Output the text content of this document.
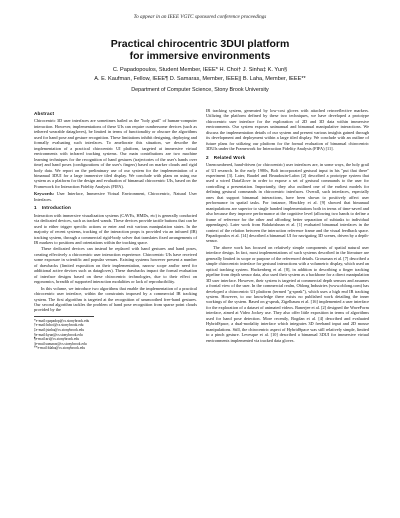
To appear in an IEEE VGTC sponsored conference proceedings
Practical chirocentric 3DUI platform
for immersive environments
C. Papadopoulos, Student Member, IEEE* H. Choi† J. Sinha‡ K. Yun§
A. E. Kaufman, Fellow, IEEE¶ D. Samaras, Member, IEEE|| B. Laha, Member, IEEE**
Department of Computer Science, Stony Brook University
Abstract

Chirocentric 3D user interfaces are sometimes hailed as the "holy grail" of human-computer interaction. However, implementations of these UIs can require cumbersome devices (such as tethered wearable datagloves), be limited in terms of functionality or obscure the algorithms used for hand pose and gesture recognition. These limitations inhibit designing, deploying and formally evaluating such interfaces. To ameliorate this situation, we describe the implementation of a practical chirocentric UI platform, targeted at immersive virtual environments with infrared tracking systems. Our main contributions are two machine learning techniques for the recognition of hand gestures (trajectories of the user's hands over time) and hand poses (configurations of the user's fingers) based on marker clouds and rigid body data. We report on the preliminary use of our system for the implementation of a bimanual 3DUI for a large immersive tiled display. We conclude with plans on using our system as a platform for the design and evaluation of bimanual chirocentric UIs, based on the Framework for Interaction Fidelity Analysis (FIFA).

Keywords: User Interface, Immersive Virtual Environment, Chirocentric, Natural User Interfaces.

1 Introduction

Interaction with immersive visualization systems (CAVEs, HMDs, etc) is generally conducted via dedicated devices, such as tracked wands. These devices provide tactile buttons that can be used to either trigger specific actions or enter and exit various manipulation states. In the majority of recent systems, tracking of the interaction props is provided via an infrared (IR) tracking system, through a commercial rigid-body solver that translates fixed arrangements of IR markers to positions and orientations within the tracking space.

These dedicated devices can instead be replaced with hand gestures and hand poses, creating effectively a chirocentric user interaction experience. Chirocentric UIs have received some exposure in scientific and popular venues. Existing systems however present a number of drawbacks (limited exposition on their implementation, narrow scope and/or need for additional active devices such as datagloves). These drawbacks impact the formal evaluation of interface designs based on these chirocentric technologies, due to their effect on ergonomics, breadth of supported interaction modalities or lack of reproducibility.

In this volume, we introduce two algorithms that enable the implementation of a practical chirocentric user interface, within the constraints imposed by a commercial IR tracking system. The first algorithm is targeted at the recognition of unsmoothed free-hand gestures. Our second algorithm tackles the problem of hand pose recognition from sparse point clouds provided by the

*e-mail:cpapadop@cs.stonybrook.edu
†e-mail:hchoi@cs.stonybrook.edu
‡e-mail:jsinha@cs.stonybrook.edu
§e-mail:kyun@cs.stonybrook.edu
¶e-mail:ari@cs.stonybrook.edu
||e-mail:samaras@cs.stonybrook.edu
**e-mail:blaha@cs.stonybrook.edu

IR tracking system, generated by low-cost gloves with attached retroreflective markers. Utilizing the platform defined by these two techniques, we have developed a prototype chirocentric user interface for the exploration of 2D and 3D data within immersive environments. Our system exposes unimanual and bimanual manipulative interactions. We discuss the implementation details of our system and present various insights gained through its development and deployment within a large tiled display. We conclude with an outline of future plans for utilizing our platform for the formal evaluation of bimanual chirocentric 3DUIs under the Framework for Interaction Fidelity Analysis (FIFA) [11].

2 Related Work

Unencumbered, hand-driven (or chirocentric) user interfaces are, in some ways, the holy grail of UI research. In the early 1980s, Bolt incorporated gestural input in his "put that there" experiment [3]. Later, Baudel and Beaudouin-Lafon [2] described a prototype system that used a wired DataGlove in order to expose a set of gestural commands to the user for controlling a presentation. Importantly, they also outlined one of the earliest models for defining gestural commands in chirocentric interfaces. Overall, such interfaces, especially ones that support bimanual interactions, have been shown to positively affect user performance in spatial tasks. For instance, Hinckley et al. [9] showed that bimanual manipulations are superior to single handed implementations both in terms of time-saved and also because they improve performance at the cognitive level (allowing two hands to define a frame of reference for the other and affording better separation of subtasks to individual appendages). Later work from Balakrishnan et al. [1] evaluated bimanual interfaces in the context of the relation between the interaction reference frame and the visual feedback space. Papadopoulos et al. [14] described a bimanual UI for navigating 3D scenes, driven by a depth-sensor.

The above work has focused on relatively simple components of spatial natural user interface design. In fact, most implementations of such systems described in the literature are generally limited in scope or purpose of the referenced details. Grossman et al. [7] described a simple chirocentric interface for gestural interactions with a volumetric display, which used an optical tracking system. Hackenberg et al. [8], in addition to describing a finger tracking pipeline from depth sensor data, also used their system as a backbone for a direct manipulation 3D user interface. However, their system is targeted at commercial depth sensors and assumes a frontal view of the user. In the commercial realm, Oblong Industries (www.oblong.com) has developed a chirocentric UI platform (termed "g-speak"), which uses a high end IR tracking system. However, to our knowledge there exists no published work detailing the inner workings of the system. Based on g-speak, Zigelbaum et al. [16] implemented a user interface for the exploration of a dataset of animated videos. Banerjee et al. [2] designed the WaveForm interface, aimed at Video Jockey use. They also offer little exposition in terms of algorithms used for hand pose detection. More recently, Bogdan et al. [4] described and evaluated HybridSpace, a dual-modality interface which integrates 3D freehand input and 2D mouse manipulations. Still, the chirocentric aspect of HybridSpace was still relatively simple, limited to a pinch gesture. Levesque et al. [10] described a bimanual 3DUI for immersive virtual environments implemented via tracked data gloves.
